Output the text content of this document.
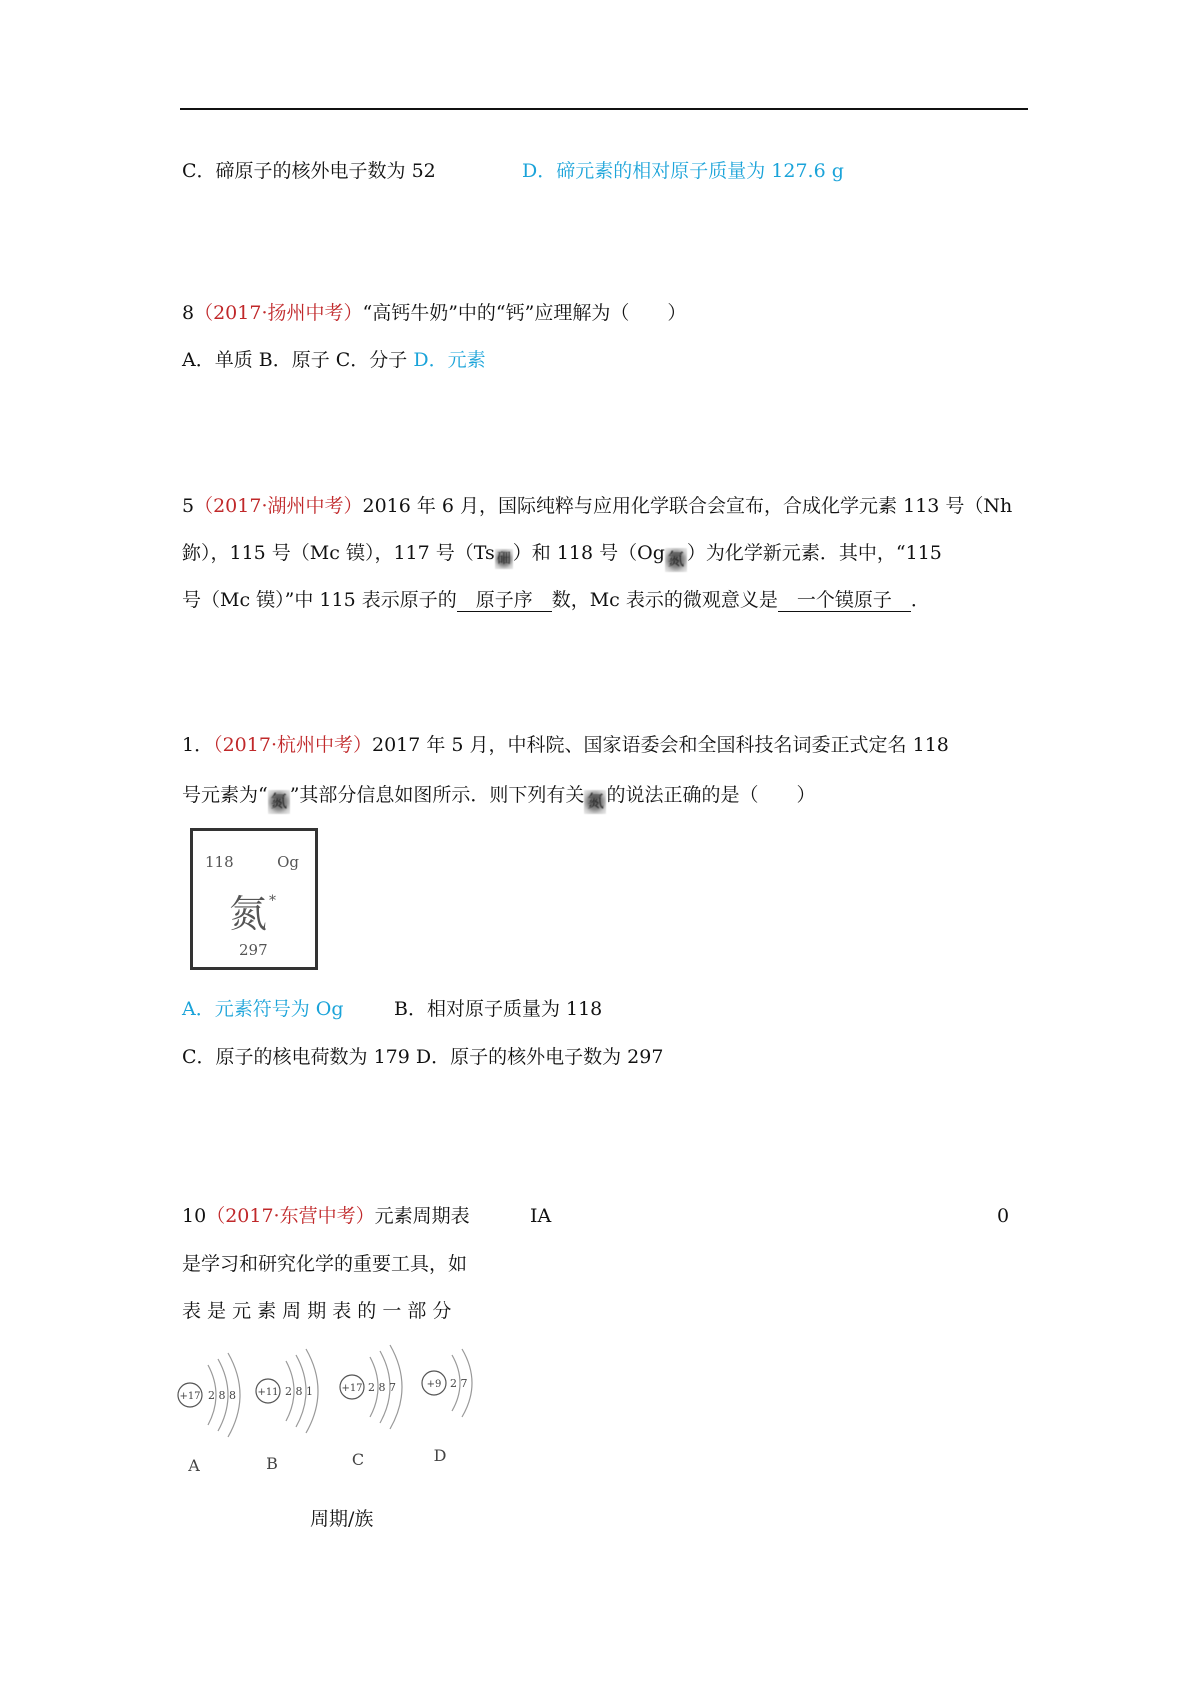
C．碲原子的核外电子数为 52	D．碲元素的相对原子质量为 127.6 g
8（2017·扬州中考）“高钙牛奶”中的“钙”应理解为（　　）
A．单质 B．原子 C．分子 D．元素
5（2017·湖州中考）2016 年 6 月，国际纯粹与应用化学联合会宣布，合成化学元素 113 号（Nh
鉨），115 号（Mc 镆），117 号（Ts 鿬 ）和 118 号（Og 氮 ）为化学新元素．其中，“115
号（Mc 镆）”中 115 表示原子的　原子序　数，Mc 表示的微观意义是　一个镆原子　．
1．（2017·杭州中考）2017 年 5 月，中科院、国家语委会和全国科技名词委正式定名 118
号元素为“ 氮 ”其部分信息如图所示．则下列有关 氮 的说法正确的是（　　）
118	Og
氮 *
297
A．元素符号为 Og	B．相对原子质量为 118
C．原子的核电荷数为 179 D．原子的核外电子数为 297
10（2017·东营中考）元素周期表	IA	0
是学习和研究化学的重要工具，如
表 是 元 素 周 期 表 的 一 部 分
+17 2 8 8
A
+11 2 8 1
B
+17 2 8 7
C
+9 2 7
D
周期/族
